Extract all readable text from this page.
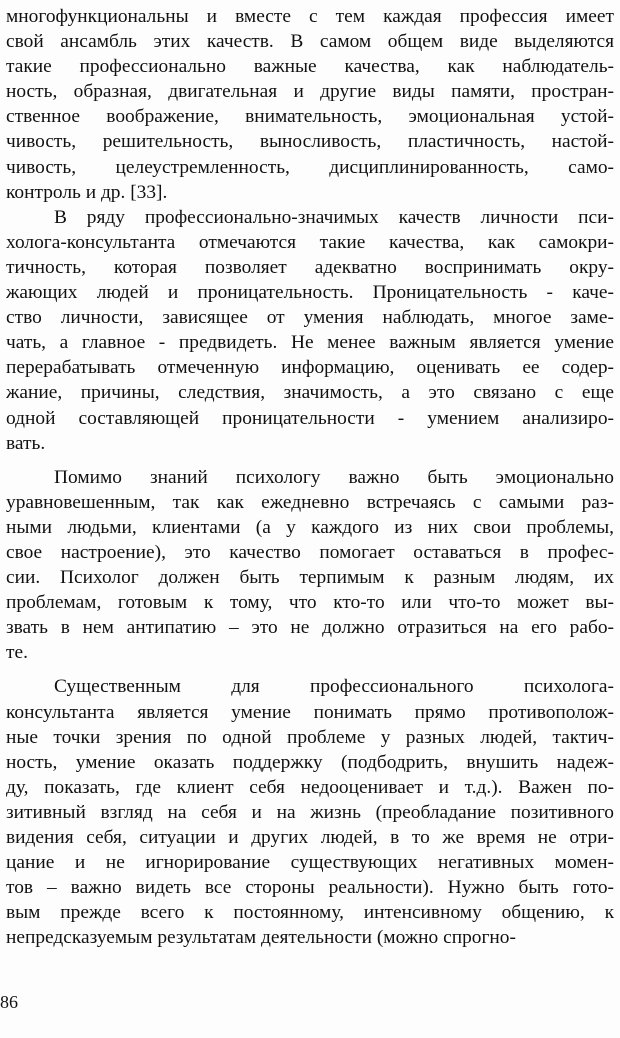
многофункциональны и вместе с тем каждая профессия имеет
свой ансамбль этих качеств. В самом общем виде выделяются
такие профессионально важные качества, как наблюдатель-
ность, образная, двигательная и другие виды памяти, простран-
ственное воображение, внимательность, эмоциональная устой-
чивость, решительность, выносливость, пластичность, настой-
чивость, целеустремленность, дисциплинированность, само-
контроль и др. [33].
В ряду профессионально-значимых качеств личности пси-
холога-консультанта отмечаются такие качества, как самокри-
тичность, которая позволяет адекватно воспринимать окру-
жающих людей и проницательность. Проницательность - каче-
ство личности, зависящее от умения наблюдать, многое заме-
чать, а главное - предвидеть. Не менее важным является умение
перерабатывать отмеченную информацию, оценивать ее содер-
жание, причины, следствия, значимость, а это связано с еще
одной составляющей проницательности - умением анализиро-
вать.
Помимо знаний психологу важно быть эмоционально
уравновешенным, так как ежедневно встречаясь с самыми раз-
ными людьми, клиентами (а у каждого из них свои проблемы,
свое настроение), это качество помогает оставаться в профес-
сии. Психолог должен быть терпимым к разным людям, их
проблемам, готовым к тому, что кто-то или что-то может вы-
звать в нем антипатию – это не должно отразиться на его рабо-
те.
Существенным для профессионального психолога-
консультанта является умение понимать прямо противополож-
ные точки зрения по одной проблеме у разных людей, тактич-
ность, умение оказать поддержку (подбодрить, внушить надеж-
ду, показать, где клиент себя недооценивает и т.д.). Важен по-
зитивный взгляд на себя и на жизнь (преобладание позитивного
видения себя, ситуации и других людей, в то же время не отри-
цание и не игнорирование существующих негативных момен-
тов – важно видеть все стороны реальности). Нужно быть гото-
вым прежде всего к постоянному, интенсивному общению, к
непредсказуемым результатам деятельности (можно спрогно-
86
